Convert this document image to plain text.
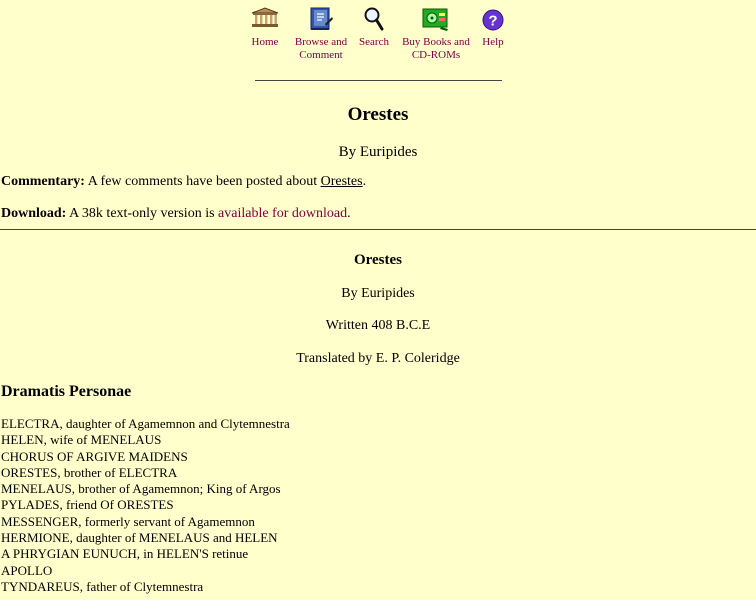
Home	Browse and
Comment
Search Buy Books and
CD-ROMs
?
Help
Orestes

By Euripides

Commentary: A few comments have been posted about Orestes.

Download: A 38k text-only version is available for download.

Orestes

By Euripides

Written 408 B.C.E

Translated by E. P. Coleridge

Dramatis Personae
ELECTRA, daughter of Agamemnon and Clytemnestra
HELEN, wife of MENELAUS
CHORUS OF ARGIVE MAIDENS
ORESTES, brother of ELECTRA
MENELAUS, brother of Agamemnon; King of Argos
PYLADES, friend Of ORESTES
MESSENGER, formerly servant of Agamemnon
HERMIONE, daughter of MENELAUS and HELEN
A PHRYGIAN EUNUCH, in HELEN'S retinue
APOLLO
TYNDAREUS, father of Clytemnestra
